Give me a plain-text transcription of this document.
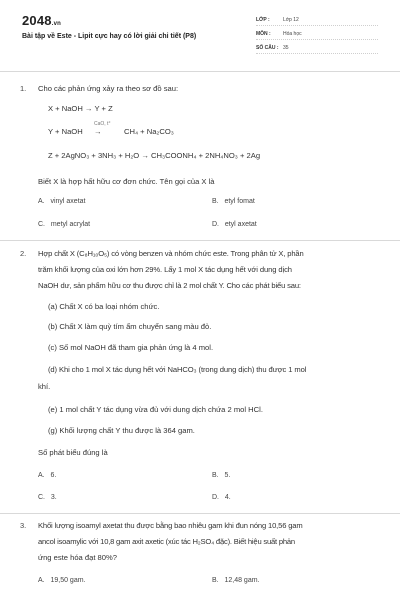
2048.vn
Bài tập về Este - Lipit cực hay có lời giải chi tiết (P8)
LỚP :	Lớp 12
MÔN : Hóa học
SỐ CÂU : 35
1. Cho các phản ứng xảy ra theo sơ đồ sau:
X + NaOH → Y + Z
Y + NaOH
CaO, t°
→	CH₄ + Na₂CO₃
Z + 2AgNO₃ + 3NH₃ + H₂O → CH₃COONH₄ + 2NH₄NO₃ + 2Ag
Biết X là hợp hất hữu cơ đơn chức. Tên gọi của X là
A. vinyl axetat	B. etyl fomat
C. metyl acrylat	D. etyl axetat
2. Hợp chất X (C₈H₁₀O₅) có vòng benzen và nhóm chức este. Trong phân tử X, phần
trăm khối lượng của oxi lớn hơn 29%. Lấy 1 mol X tác dụng hết với dung dịch
NaOH dư, sản phẩm hữu cơ thu được chỉ là 2 mol chất Y. Cho các phát biểu sau:
(a) Chất X có ba loại nhóm chức.
(b) Chất X làm quỳ tím ẩm chuyển sang màu đỏ.
(c) Số mol NaOH đã tham gia phản ứng là 4 mol.
(d) Khi cho 1 mol X tác dụng hết với NaHCO₃ (trong dung dịch) thu được 1 mol
khí.
(e) 1 mol chất Y tác dụng vừa đủ với dung dịch chứa 2 mol HCl.
(g) Khối lượng chất Y thu được là 364 gam.
Số phát biểu đúng là
A. 6.	B. 5.
C. 3.	D. 4.
3. Khối lượng isoamyl axetat thu được bằng bao nhiêu gam khi đun nóng 10,56 gam
ancol isoamylic với 10,8 gam axit axetic (xúc tác H₂SO₄ đặc). Biết hiệu suất phản
ứng este hóa đạt 80%?
A. 19,50 gam.	B. 12,48 gam.
